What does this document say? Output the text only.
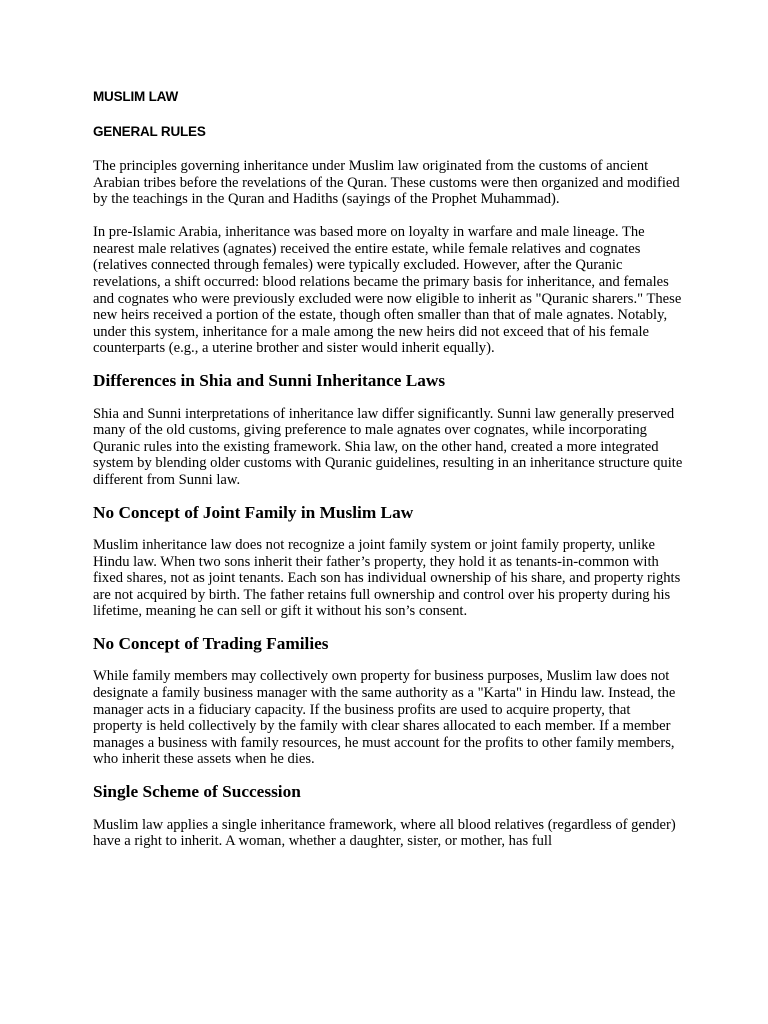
MUSLIM LAW
GENERAL RULES

The principles governing inheritance under Muslim law originated from the customs of ancient Arabian tribes before the revelations of the Quran. These customs were then organized and modified by the teachings in the Quran and Hadiths (sayings of the Prophet Muhammad).

In pre-Islamic Arabia, inheritance was based more on loyalty in warfare and male lineage. The nearest male relatives (agnates) received the entire estate, while female relatives and cognates (relatives connected through females) were typically excluded. However, after the Quranic revelations, a shift occurred: blood relations became the primary basis for inheritance, and females and cognates who were previously excluded were now eligible to inherit as "Quranic sharers." These new heirs received a portion of the estate, though often smaller than that of male agnates. Notably, under this system, inheritance for a male among the new heirs did not exceed that of his female counterparts (e.g., a uterine brother and sister would inherit equally).

Differences in Shia and Sunni Inheritance Laws

Shia and Sunni interpretations of inheritance law differ significantly. Sunni law generally preserved many of the old customs, giving preference to male agnates over cognates, while incorporating Quranic rules into the existing framework. Shia law, on the other hand, created a more integrated system by blending older customs with Quranic guidelines, resulting in an inheritance structure quite different from Sunni law.

No Concept of Joint Family in Muslim Law

Muslim inheritance law does not recognize a joint family system or joint family property, unlike Hindu law. When two sons inherit their father’s property, they hold it as tenants-in-common with fixed shares, not as joint tenants. Each son has individual ownership of his share, and property rights are not acquired by birth. The father retains full ownership and control over his property during his lifetime, meaning he can sell or gift it without his son’s consent.

No Concept of Trading Families

While family members may collectively own property for business purposes, Muslim law does not designate a family business manager with the same authority as a "Karta" in Hindu law. Instead, the manager acts in a fiduciary capacity. If the business profits are used to acquire property, that property is held collectively by the family with clear shares allocated to each member. If a member manages a business with family resources, he must account for the profits to other family members, who inherit these assets when he dies.

Single Scheme of Succession

Muslim law applies a single inheritance framework, where all blood relatives (regardless of gender) have a right to inherit. A woman, whether a daughter, sister, or mother, has full
